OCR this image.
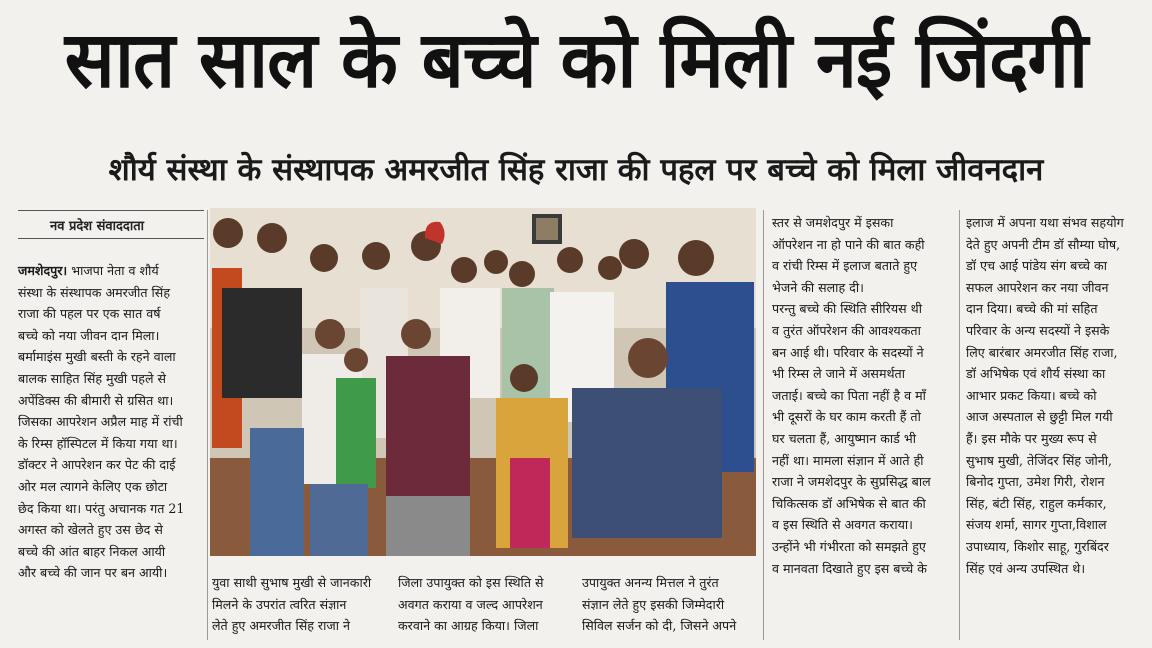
सात साल के बच्चे को मिली नई जिंदगी
शौर्य संस्था के संस्थापक अमरजीत सिंह राजा की पहल पर बच्चे को मिला जीवनदान
नव प्रदेश संवाददाता
जमशेदपुर। भाजपा नेता व शौर्य
संस्था के संस्थापक अमरजीत सिंह
राजा की पहल पर एक सात वर्ष
बच्चे को नया जीवन दान मिला।
बर्मामाइंस मुखी बस्ती के रहने वाला
बालक साहित सिंह मुखी पहले से
अपेंडिक्स की बीमारी से ग्रसित था।
जिसका आपरेशन अप्रैल माह में रांची
के रिम्स हॉस्पिटल में किया गया था।
डॉक्टर ने आपरेशन कर पेट की दाई
ओर मल त्यागने केलिए एक छोटा
छेद किया था। परंतु अचानक गत 21
अगस्त को खेलते हुए उस छेद से
बच्चे की आंत बाहर निकल आयी
और बच्चे की जान पर बन आयी।
युवा साथी सुभाष मुखी से जानकारी
मिलने के उपरांत त्वरित संज्ञान
लेते हुए अमरजीत सिंह राजा ने
जिला उपायुक्त को इस स्थिति से
अवगत कराया व जल्द आपरेशन
करवाने का आग्रह किया। जिला
उपायुक्त अनन्य मित्तल ने तुरंत
संज्ञान लेते हुए इसकी जिम्मेदारी
सिविल सर्जन को दी, जिसने अपने
स्तर से जमशेदपुर में इसका
ऑपरेशन ना हो पाने की बात कही
व रांची रिम्स में इलाज बताते हुए
भेजने की सलाह दी।
परन्तु बच्चे की स्थिति सीरियस थी
व तुरंत ऑपरेशन की आवश्यकता
बन आई थी। परिवार के सदस्यों ने
भी रिम्स ले जाने में असमर्थता
जताई। बच्चे का पिता नहीं है व माँ
भी दूसरों के घर काम करती हैं तो
घर चलता हैं, आयुष्मान कार्ड भी
नहीं था। मामला संज्ञान में आते ही
राजा ने जमशेदपुर के सुप्रसिद्ध बाल
चिकित्सक डॉ अभिषेक से बात की
व इस स्थिति से अवगत कराया।
उन्होंने भी गंभीरता को समझते हुए
व मानवता दिखाते हुए इस बच्चे के
इलाज में अपना यथा संभव सहयोग
देते हुए अपनी टीम डॉ सौम्या घोष,
डॉ एच आई पांडेय संग बच्चे का
सफल आपरेशन कर नया जीवन
दान दिया। बच्चे की मां सहित
परिवार के अन्य सदस्यों ने इसके
लिए बारंबार अमरजीत सिंह राजा,
डॉ अभिषेक एवं शौर्य संस्था का
आभार प्रकट किया। बच्चे को
आज अस्पताल से छुट्टी मिल गयी
हैं। इस मौके पर मुख्य रूप से
सुभाष मुखी, तेजिंदर सिंह जोनी,
बिनोद गुप्ता, उमेश गिरी, रोशन
सिंह, बंटी सिंह, राहुल कर्मकार,
संजय शर्मा, सागर गुप्ता,विशाल
उपाध्याय, किशोर साहू, गुरबिंदर
सिंह एवं अन्य उपस्थित थे।
